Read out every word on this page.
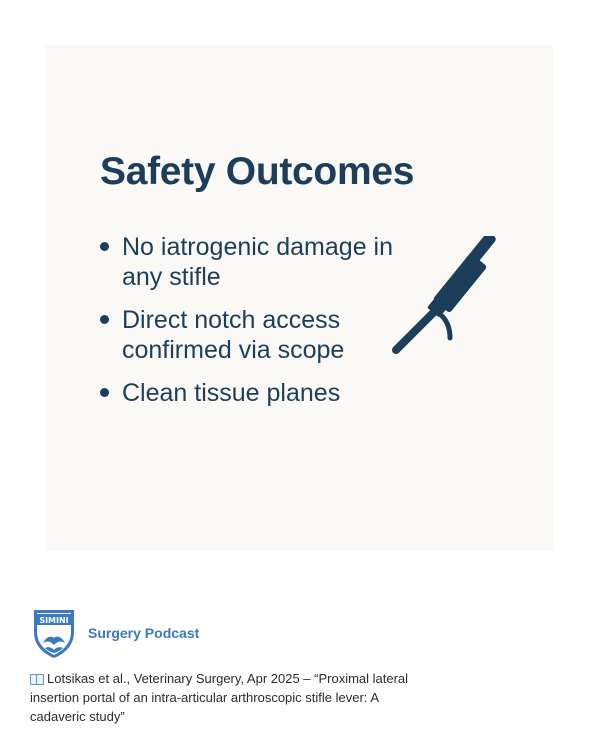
Safety Outcomes
No iatrogenic damage in any stifle
Direct notch access confirmed via scope
Clean tissue planes
SIMINI
Surgery Podcast
Lotsikas et al., Veterinary Surgery, Apr 2025 – “Proximal lateral insertion portal of an intra-articular arthroscopic stifle lever: A cadaveric study”
